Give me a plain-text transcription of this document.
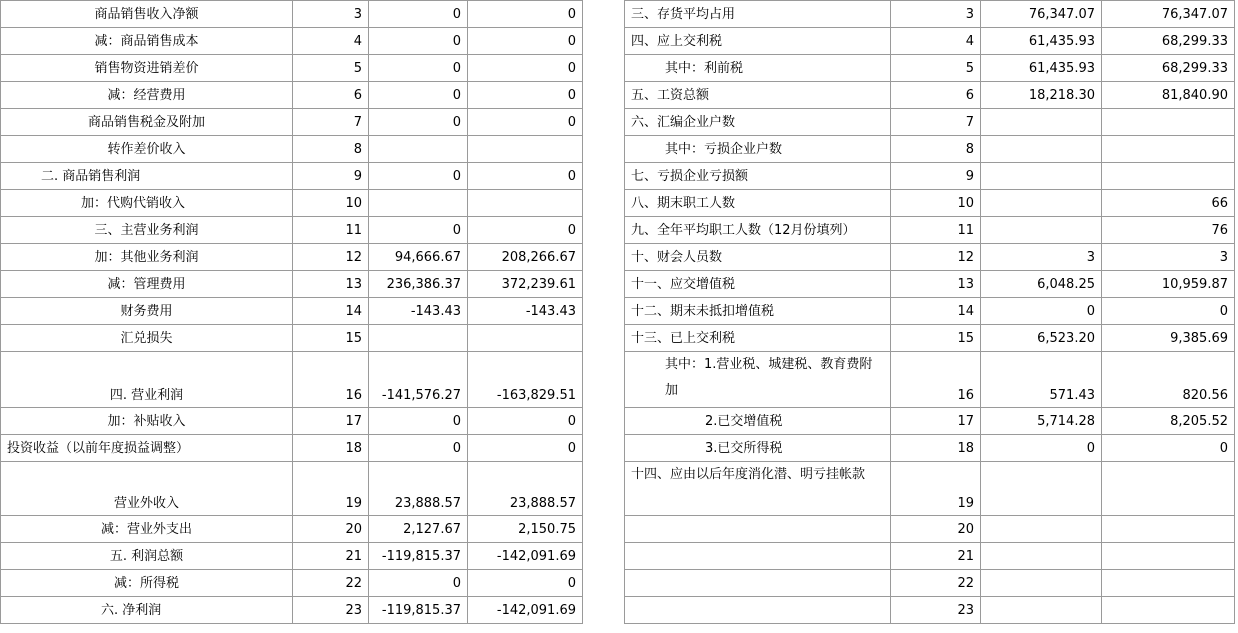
商品销售收入净额	3	0	0		三、存货平均占用	3	76,347.07	76,347.07
减：商品销售成本	4	0	0		四、应上交利税	4	61,435.93	68,299.33
销售物资进销差价	5	0	0		其中：利前税	5	61,435.93	68,299.33
减：经营费用	6	0	0		五、工资总额	6	18,218.30	81,840.90
商品销售税金及附加	7	0	0		六、汇编企业户数	7		
转作差价收入	8				其中：亏损企业户数	8		
二. 商品销售利润	9	0	0		七、亏损企业亏损额	9		
加：代购代销收入	10				八、期末职工人数	10		66
三、主营业务利润	11	0	0		九、全年平均职工人数（12月份填列）	11		76
加：其他业务利润	12	94,666.67	208,266.67		十、财会人员数	12	3	3
减：管理费用	13	236,386.37	372,239.61		十一、应交增值税	13	6,048.25	10,959.87
财务费用	14	-143.43	-143.43		十二、期末未抵扣增值税	14	0	0
汇兑损失	15				十三、已上交利税	15	6,523.20	9,385.69
四. 营业利润	16	-141,576.27	-163,829.51		其中：1.营业税、城建税、教育费附加	16	571.43	820.56
加：补贴收入	17	0	0		2.已交增值税	17	5,714.28	8,205.52
投资收益（以前年度损益调整）	18	0	0		3.已交所得税	18	0	0
营业外收入	19	23,888.57	23,888.57		十四、应由以后年度消化潜、明亏挂帐款	19		
减：营业外支出	20	2,127.67	2,150.75			20		
五. 利润总额	21	-119,815.37	-142,091.69			21		
减：所得税	22	0	0			22		
六. 净利润	23	-119,815.37	-142,091.69			23		
